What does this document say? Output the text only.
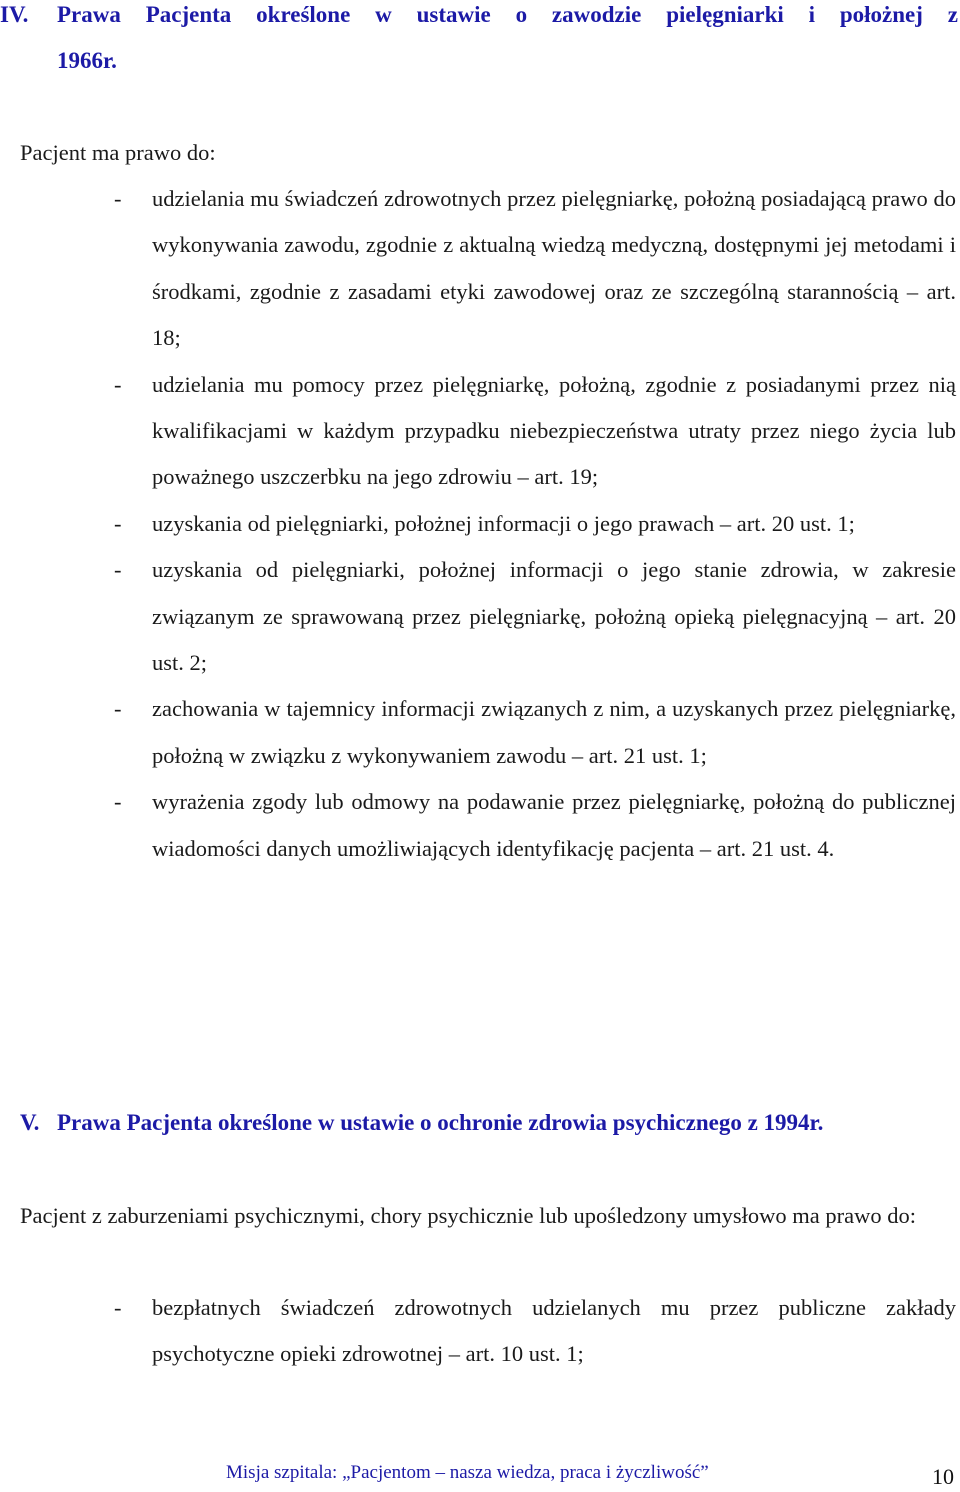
IV.	Prawa Pacjenta określone w ustawie o zawodzie pielęgniarki i położnej z
1966r.
Pacjent ma prawo do:
- udzielania mu świadczeń zdrowotnych przez pielęgniarkę, położną posiadającą prawo do wykonywania zawodu, zgodnie z aktualną wiedzą medyczną, dostępnymi jej metodami i środkami, zgodnie z zasadami etyki zawodowej oraz ze szczególną starannością – art. 18;
- udzielania mu pomocy przez pielęgniarkę, położną, zgodnie z posiadanymi przez nią kwalifikacjami w każdym przypadku niebezpieczeństwa utraty przez niego życia lub poważnego uszczerbku na jego zdrowiu – art. 19;
- uzyskania od pielęgniarki, położnej informacji o jego prawach – art. 20 ust. 1;
- uzyskania od pielęgniarki, położnej informacji o jego stanie zdrowia, w zakresie związanym ze sprawowaną przez pielęgniarkę, położną opieką pielęgnacyjną – art. 20 ust. 2;
- zachowania w tajemnicy informacji związanych z nim, a uzyskanych przez pielęgniarkę, położną w związku z wykonywaniem zawodu – art. 21 ust. 1;
- wyrażenia zgody lub odmowy na podawanie przez pielęgniarkę, położną do publicznej wiadomości danych umożliwiających identyfikację pacjenta – art. 21 ust. 4.
V. Prawa Pacjenta określone w ustawie o ochronie zdrowia psychicznego z 1994r.
Pacjent z zaburzeniami psychicznymi, chory psychicznie lub upośledzony umysłowo ma prawo do:
- bezpłatnych świadczeń zdrowotnych udzielanych mu przez publiczne zakłady psychotyczne opieki zdrowotnej – art. 10 ust. 1;
Misja szpitala: „Pacjentom – nasza wiedza, praca i życzliwość”	10
